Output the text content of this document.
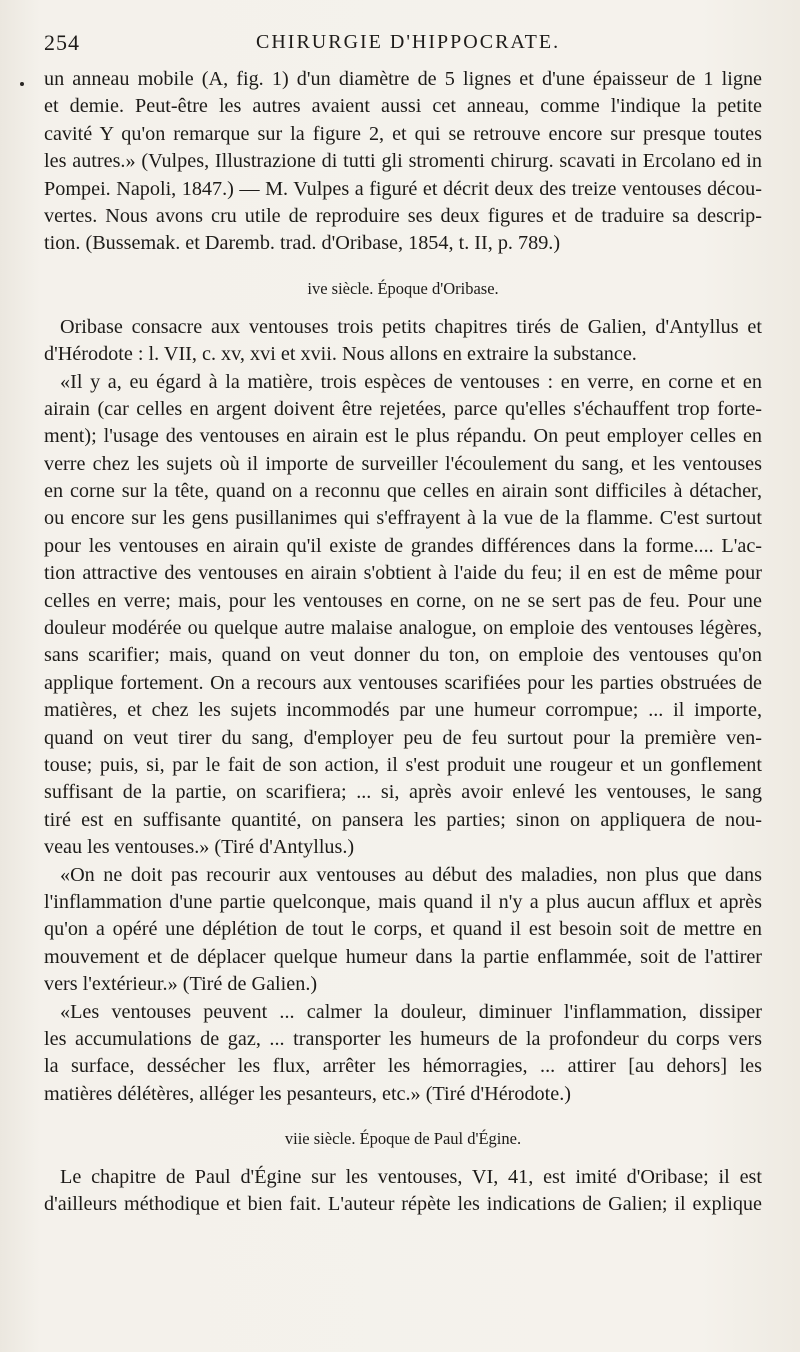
254	CHIRURGIE D'HIPPOCRATE.
un anneau mobile (A, fig. 1) d'un diamètre de 5 lignes et d'une épaisseur de 1 ligne
et demie. Peut-être les autres avaient aussi cet anneau, comme l'indique la petite
cavité Y qu'on remarque sur la figure 2, et qui se retrouve encore sur presque toutes
les autres.» (Vulpes, Illustrazione di tutti gli stromenti chirurg. scavati in Ercolano ed in
Pompei. Napoli, 1847.) — M. Vulpes a figuré et décrit deux des treize ventouses décou-
vertes. Nous avons cru utile de reproduire ses deux figures et de traduire sa descrip-
tion. (Bussemak. et Daremb. trad. d'Oribase, 1854, t. II, p. 789.)
ive siècle. Époque d'Oribase.
Oribase consacre aux ventouses trois petits chapitres tirés de Galien, d'Antyllus et
d'Hérodote : l. VII, c. xv, xvi et xvii. Nous allons en extraire la substance.
«Il y a, eu égard à la matière, trois espèces de ventouses : en verre, en corne et en
airain (car celles en argent doivent être rejetées, parce qu'elles s'échauffent trop forte-
ment); l'usage des ventouses en airain est le plus répandu. On peut employer celles en
verre chez les sujets où il importe de surveiller l'écoulement du sang, et les ventouses
en corne sur la tête, quand on a reconnu que celles en airain sont difficiles à détacher,
ou encore sur les gens pusillanimes qui s'effrayent à la vue de la flamme. C'est surtout
pour les ventouses en airain qu'il existe de grandes différences dans la forme.... L'ac-
tion attractive des ventouses en airain s'obtient à l'aide du feu; il en est de même pour
celles en verre; mais, pour les ventouses en corne, on ne se sert pas de feu. Pour une
douleur modérée ou quelque autre malaise analogue, on emploie des ventouses légères,
sans scarifier; mais, quand on veut donner du ton, on emploie des ventouses qu'on
applique fortement. On a recours aux ventouses scarifiées pour les parties obstruées de
matières, et chez les sujets incommodés par une humeur corrompue; ... il importe,
quand on veut tirer du sang, d'employer peu de feu surtout pour la première ven-
touse; puis, si, par le fait de son action, il s'est produit une rougeur et un gonflement
suffisant de la partie, on scarifiera; ... si, après avoir enlevé les ventouses, le sang
tiré est en suffisante quantité, on pansera les parties; sinon on appliquera de nou-
veau les ventouses.» (Tiré d'Antyllus.)
«On ne doit pas recourir aux ventouses au début des maladies, non plus que dans
l'inflammation d'une partie quelconque, mais quand il n'y a plus aucun afflux et après
qu'on a opéré une déplétion de tout le corps, et quand il est besoin soit de mettre en
mouvement et de déplacer quelque humeur dans la partie enflammée, soit de l'attirer
vers l'extérieur.» (Tiré de Galien.)
«Les ventouses peuvent ... calmer la douleur, diminuer l'inflammation, dissiper
les accumulations de gaz, ... transporter les humeurs de la profondeur du corps vers
la surface, dessécher les flux, arrêter les hémorragies, ... attirer [au dehors] les
matières délétères, alléger les pesanteurs, etc.» (Tiré d'Hérodote.)
viie siècle. Époque de Paul d'Égine.
Le chapitre de Paul d'Égine sur les ventouses, VI, 41, est imité d'Oribase; il est
d'ailleurs méthodique et bien fait. L'auteur répète les indications de Galien; il explique
